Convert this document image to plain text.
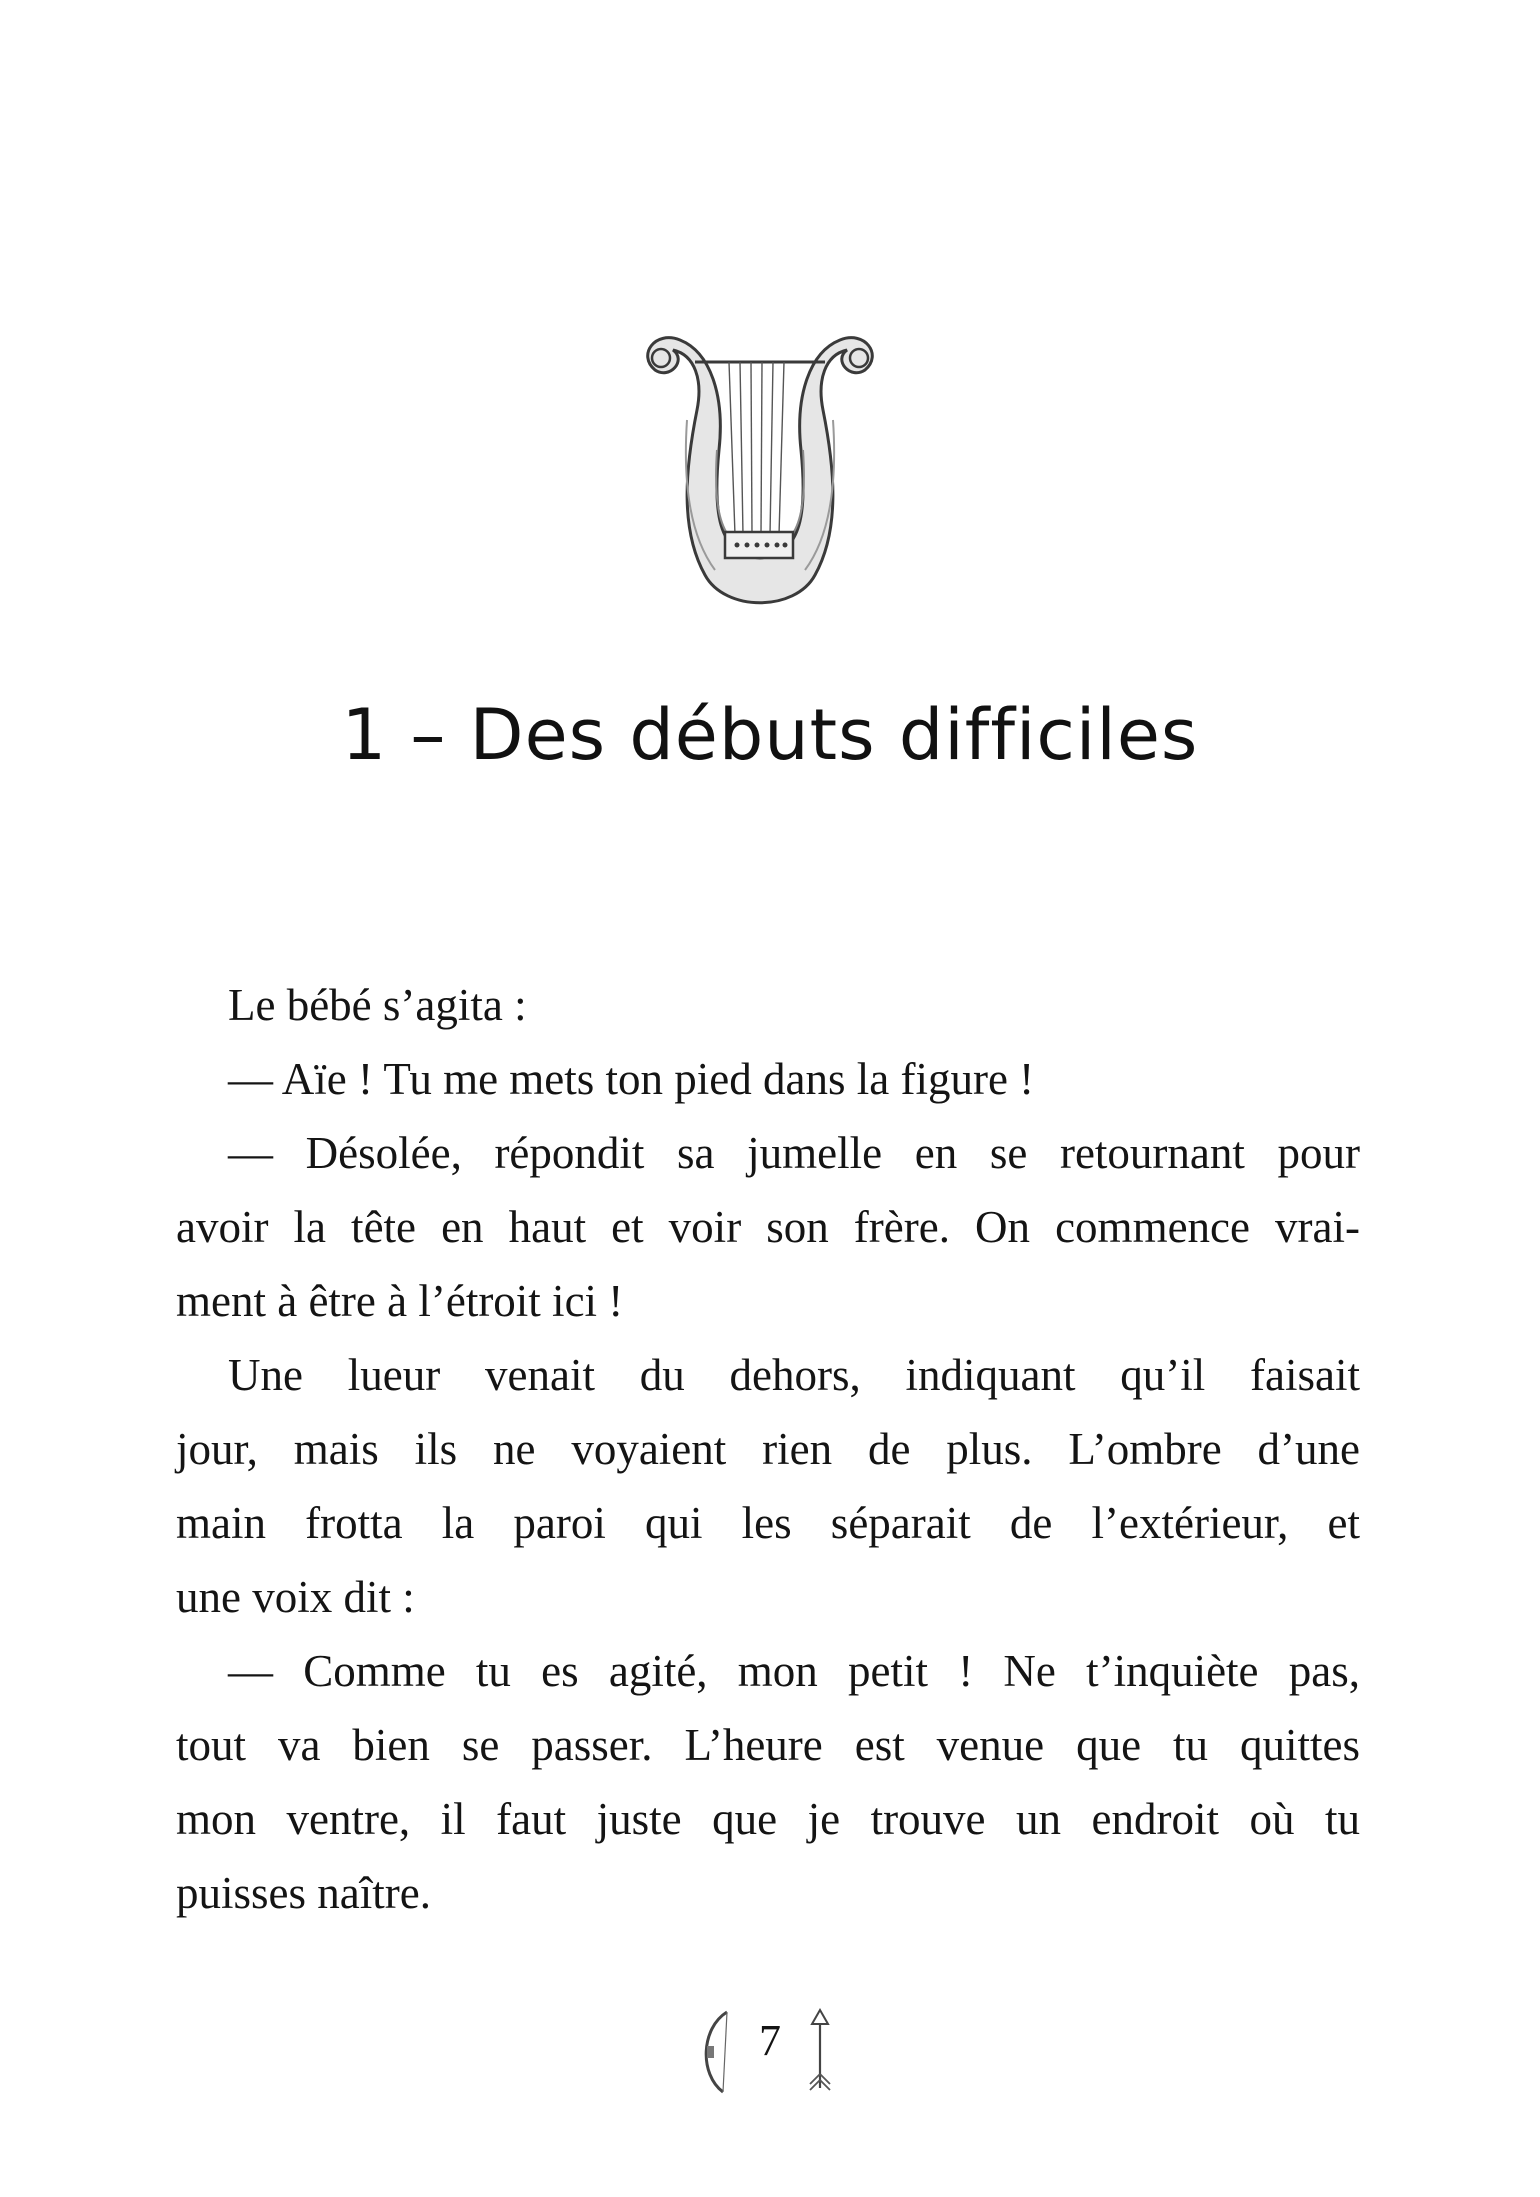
1 – Des débuts difficiles
Le bébé s’agita :
— Aïe ! Tu me mets ton pied dans la figure !
— Désolée, répondit sa jumelle en se retournant pour
avoir la tête en haut et voir son frère. On commence vrai-
ment à être à l’étroit ici !
Une lueur venait du dehors, indiquant qu’il faisait
jour, mais ils ne voyaient rien de plus. L’ombre d’une
main frotta la paroi qui les séparait de l’extérieur, et
une voix dit :
— Comme tu es agité, mon petit ! Ne t’inquiète pas,
tout va bien se passer. L’heure est venue que tu quittes
mon ventre, il faut juste que je trouve un endroit où tu
puisses naître.
7
